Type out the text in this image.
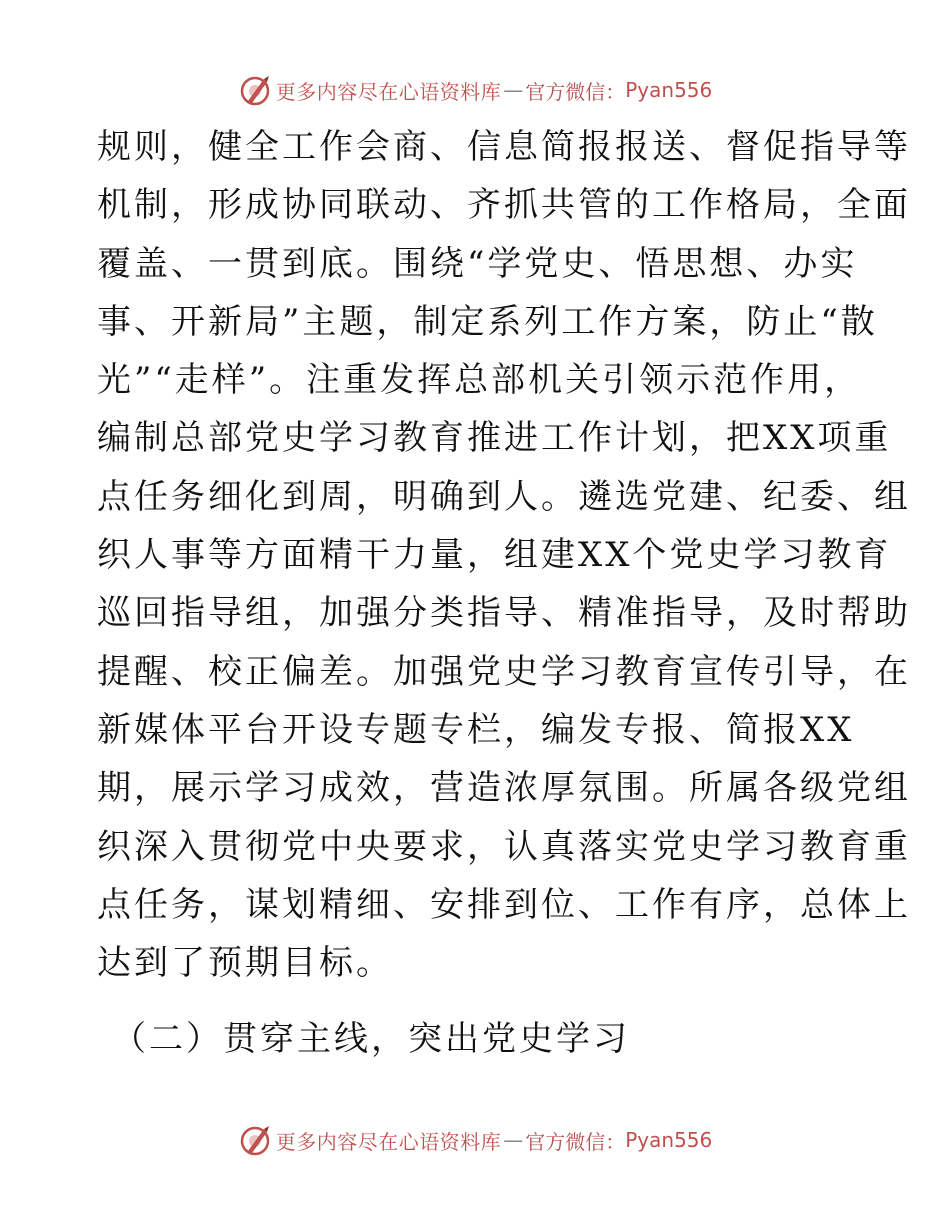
更多内容尽在心语资料库 — 官方微信： Pyan556
规则，健全工作会商、信息简报报送、督促指导等
机制，形成协同联动、齐抓共管的工作格局，全面
覆盖、一贯到底。围绕“学党史、悟思想、办实
事、开新局”主题，制定系列工作方案，防止“散
光”“走样”。注重发挥总部机关引领示范作用，
编制总部党史学习教育推进工作计划，把XX项重
点任务细化到周，明确到人。遴选党建、纪委、组
织人事等方面精干力量，组建XX个党史学习教育
巡回指导组，加强分类指导、精准指导，及时帮助
提醒、校正偏差。加强党史学习教育宣传引导，在
新媒体平台开设专题专栏，编发专报、简报XX
期，展示学习成效，营造浓厚氛围。所属各级党组
织深入贯彻党中央要求，认真落实党史学习教育重
点任务，谋划精细、安排到位、工作有序，总体上
达到了预期目标。
（二）贯穿主线，突出党史学习
更多内容尽在心语资料库 — 官方微信： Pyan556
